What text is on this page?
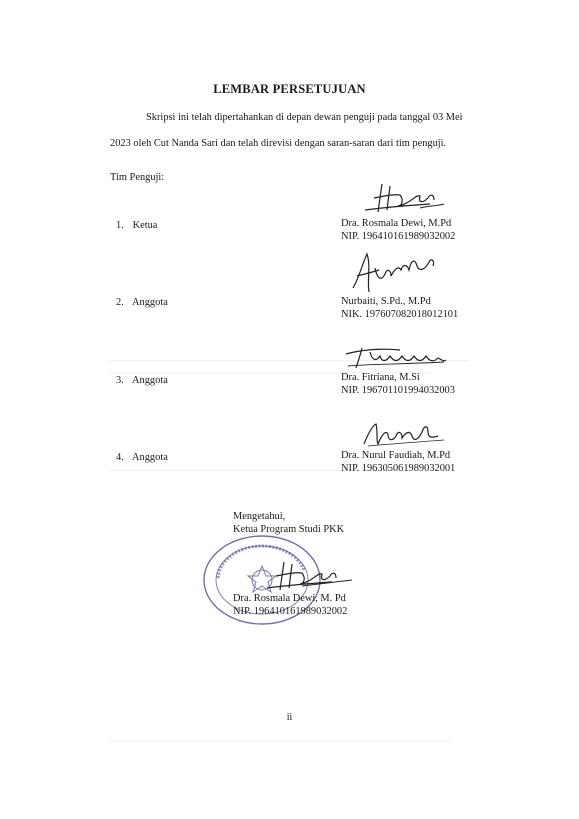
LEMBAR PERSETUJUAN
Skripsi ini telah dipertahankan di depan dewan penguji pada tanggal 03 Mei
2023 oleh Cut Nanda Sari dan telah direvisi dengan saran-saran dari tim penguji.
Tim Penguji:
1. Ketua	Dra. Rosmala Dewi, M.Pd
NIP. 196410161989032002
2. Anggota	Nurbaiti, S.Pd., M.Pd
NIK. 197607082018012101
3. Anggota	Dra. Fitriana, M.Si
NIP. 196701101994032003
4. Anggota	Dra. Nurul Faudiah, M.Pd
NIP. 196305061989032001
Mengetahui,
Ketua Program Studi PKK
Dra. Rosmala Dewi, M. Pd
NIP. 196410161989032002
ii
